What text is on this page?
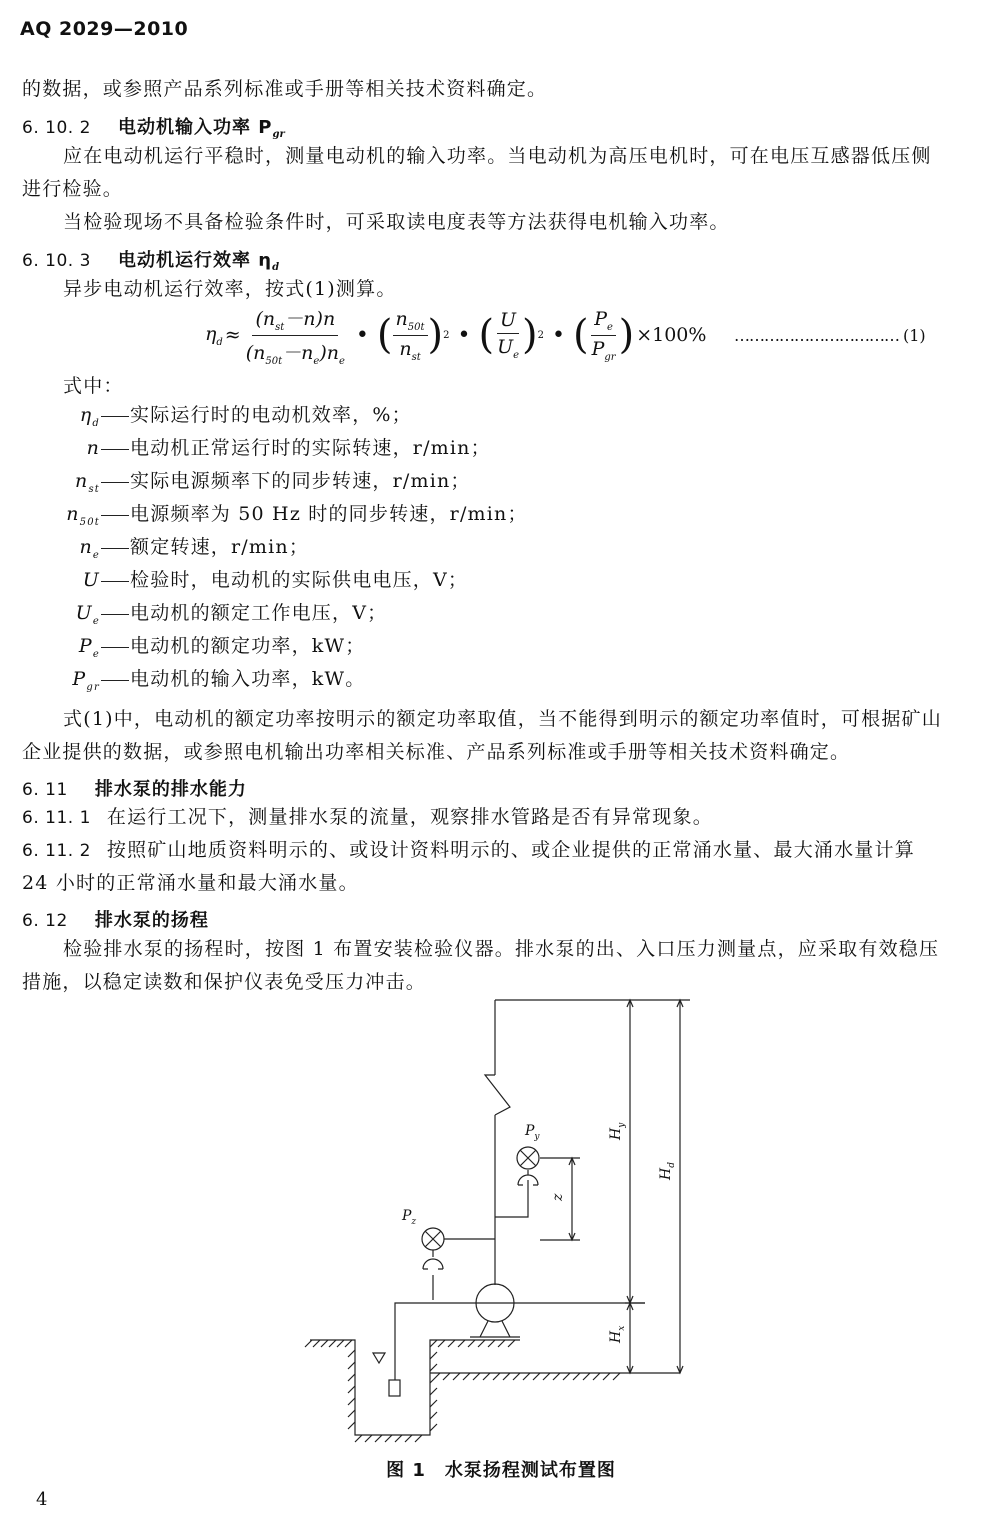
AQ 2029—2010
的数据，或参照产品系列标准或手册等相关技术资料确定。
6. 10. 2 电动机输入功率 $P_{gr}$
应在电动机运行平稳时，测量电动机的输入功率。当电动机为高压电机时，可在电压互感器低压侧
进行检验。
当检验现场不具备检验条件时，可采取读电度表等方法获得电机输入功率。
6. 10. 3 电动机运行效率 $\eta_d$
异步电动机运行效率，按式(1)测算。
$\eta_d \approx \frac{(n_{st}-n)n}{(n_{50t}-n_e)n_e}$ • ( $\frac{n_{50t}}{n_{st}}$ ) 2 • ( $\frac{U}{U_e}$ ) 2 • ( $\frac{P_e}{P_{gr}}$ ) ×100% …………………………… (1)
式中：
$\eta_d$ 实际运行时的电动机效率，%；
n 电动机正常运行时的实际转速，r/min；
$n_{st}$ 实际电源频率下的同步转速，r/min；
$n_{50t}$ 电源频率为 50 Hz 时的同步转速，r/min；
$n_e$ 额定转速，r/min；
U 检验时，电动机的实际供电电压，V；
$U_e$ 电动机的额定工作电压，V；
$P_e$ 电动机的额定功率，kW；
$P_{gr}$ 电动机的输入功率，kW。
式(1)中，电动机的额定功率按明示的额定功率取值，当不能得到明示的额定功率值时，可根据矿山
企业提供的数据，或参照电机输出功率相关标准、产品系列标准或手册等相关技术资料确定。
6. 11 排水泵的排水能力
6. 11. 1 在运行工况下，测量排水泵的流量，观察排水管路是否有异常现象。
6. 11. 2 按照矿山地质资料明示的、或设计资料明示的、或企业提供的正常涌水量、最大涌水量计算
24 小时的正常涌水量和最大涌水量。
6. 12 排水泵的扬程
检验排水泵的扬程时，按图 1 布置安装检验仪器。排水泵的出、入口压力测量点，应采取有效稳压
措施，以稳定读数和保护仪表免受压力冲击。
$P_y$
$P_z$
z
$H_y$
$H_d$
$H_x$
图 1　水泵扬程测试布置图
4
